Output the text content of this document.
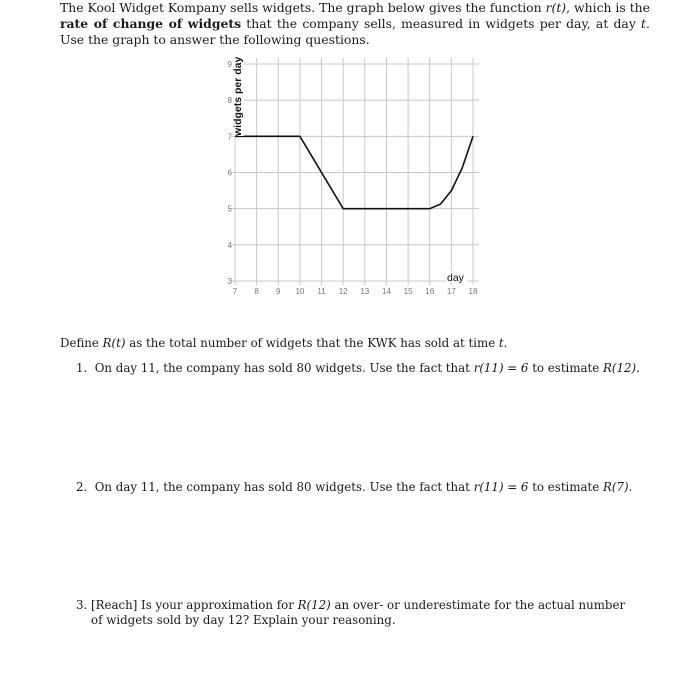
The Kool Widget Kompany sells widgets. The graph below gives the function r(t), which is the rate of change of widgets that the company sells, measured in widgets per day, at day t. Use the graph to answer the following questions.
7 8 9 10 11 12 13 14 15 16 17 18
3
4
5
6
7
8
9 widgets per day
day
Define R(t) as the total number of widgets that the KWK has sold at time t.
1. On day 11, the company has sold 80 widgets. Use the fact that r(11) = 6 to estimate R(12).
2. On day 11, the company has sold 80 widgets. Use the fact that r(11) = 6 to estimate R(7).
3. [Reach] Is your approximation for R(12) an over- or underestimate for the actual number of widgets sold by day 12? Explain your reasoning.
